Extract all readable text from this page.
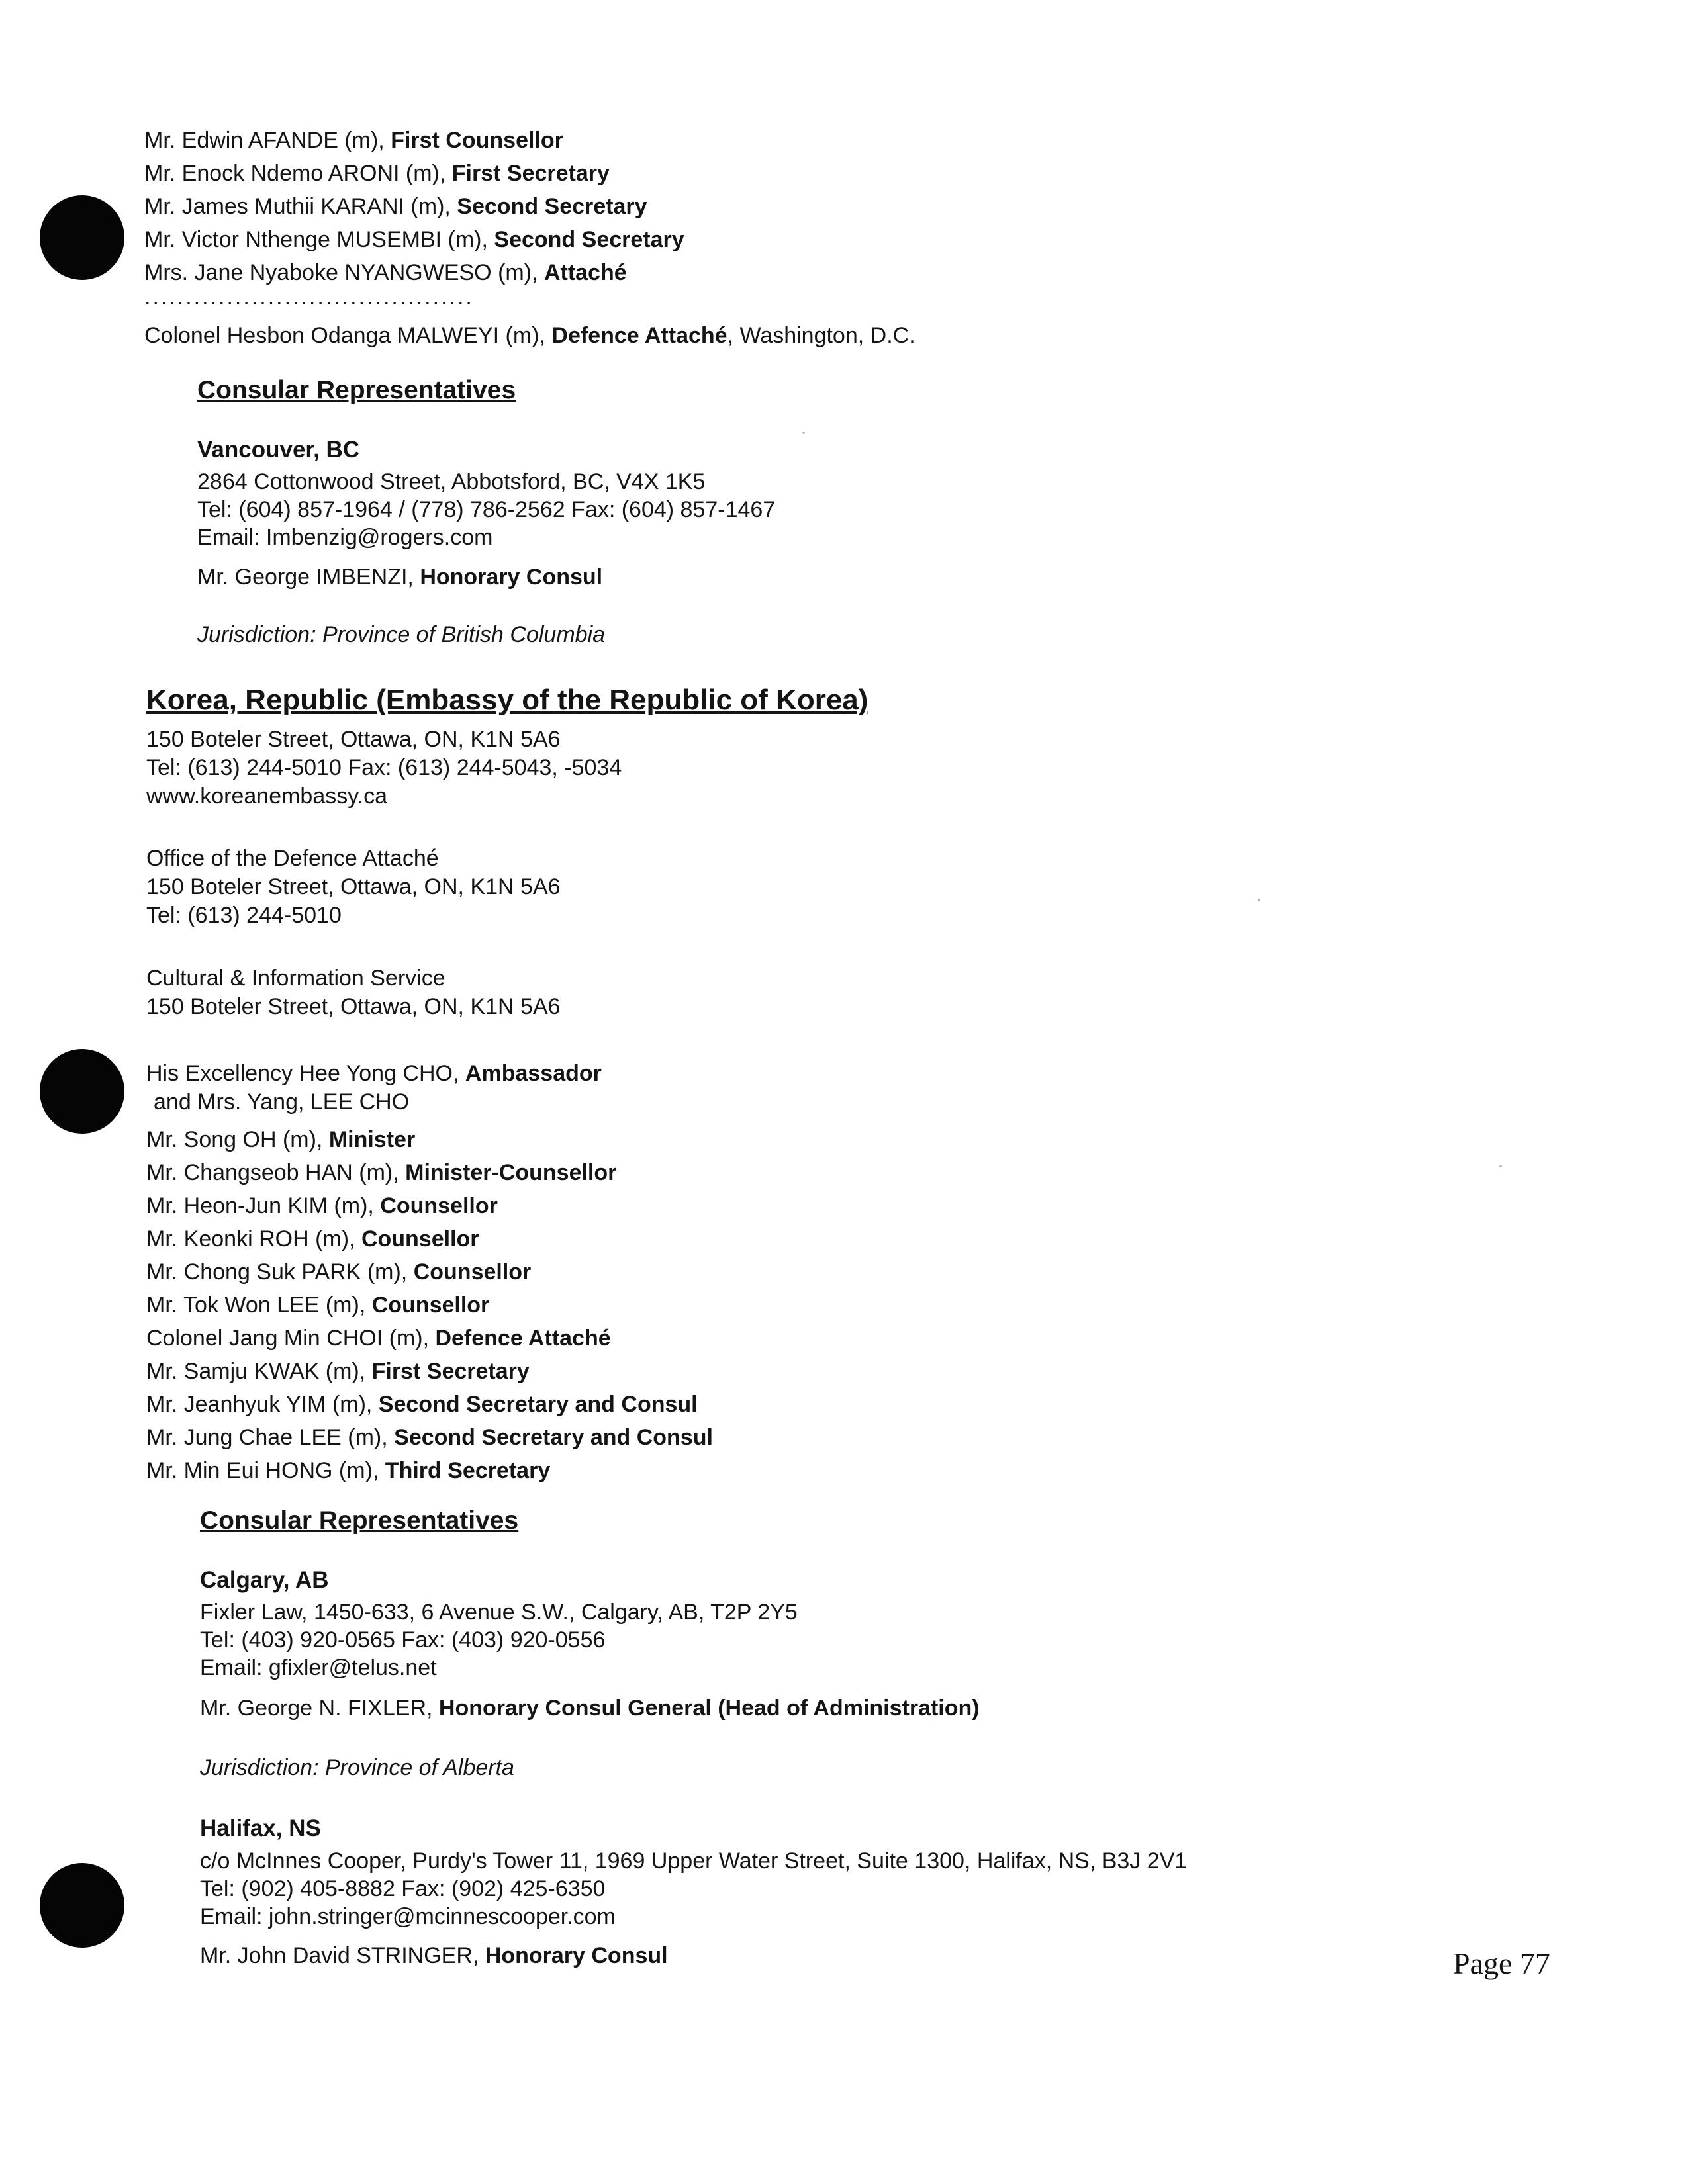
Mr. Edwin AFANDE (m), First Counsellor
Mr. Enock Ndemo ARONI (m), First Secretary
Mr. James Muthii KARANI (m), Second Secretary
Mr. Victor Nthenge MUSEMBI (m), Second Secretary
Mrs. Jane Nyaboke NYANGWESO (m), Attaché
........................................
Colonel Hesbon Odanga MALWEYI (m), Defence Attaché, Washington, D.C.
Consular Representatives
Vancouver, BC
2864 Cottonwood Street, Abbotsford, BC, V4X 1K5
Tel: (604) 857-1964 / (778) 786-2562 Fax: (604) 857-1467
Email: Imbenzig@rogers.com
Mr. George IMBENZI, Honorary Consul
Jurisdiction: Province of British Columbia
Korea, Republic (Embassy of the Republic of Korea)
150 Boteler Street, Ottawa, ON, K1N 5A6
Tel: (613) 244-5010 Fax: (613) 244-5043, -5034
www.koreanembassy.ca
Office of the Defence Attaché
150 Boteler Street, Ottawa, ON, K1N 5A6
Tel: (613) 244-5010
Cultural & Information Service
150 Boteler Street, Ottawa, ON, K1N 5A6
His Excellency Hee Yong CHO, Ambassador
and Mrs. Yang, LEE CHO
Mr. Song OH (m), Minister
Mr. Changseob HAN (m), Minister-Counsellor
Mr. Heon-Jun KIM (m), Counsellor
Mr. Keonki ROH (m), Counsellor
Mr. Chong Suk PARK (m), Counsellor
Mr. Tok Won LEE (m), Counsellor
Colonel Jang Min CHOI (m), Defence Attaché
Mr. Samju KWAK (m), First Secretary
Mr. Jeanhyuk YIM (m), Second Secretary and Consul
Mr. Jung Chae LEE (m), Second Secretary and Consul
Mr. Min Eui HONG (m), Third Secretary
Consular Representatives
Calgary, AB
Fixler Law, 1450-633, 6 Avenue S.W., Calgary, AB, T2P 2Y5
Tel: (403) 920-0565 Fax: (403) 920-0556
Email: gfixler@telus.net
Mr. George N. FIXLER, Honorary Consul General (Head of Administration)
Jurisdiction: Province of Alberta
Halifax, NS
c/o McInnes Cooper, Purdy's Tower 11, 1969 Upper Water Street, Suite 1300, Halifax, NS, B3J 2V1
Tel: (902) 405-8882 Fax: (902) 425-6350
Email: john.stringer@mcinnescooper.com
Mr. John David STRINGER, Honorary Consul	Page 77
